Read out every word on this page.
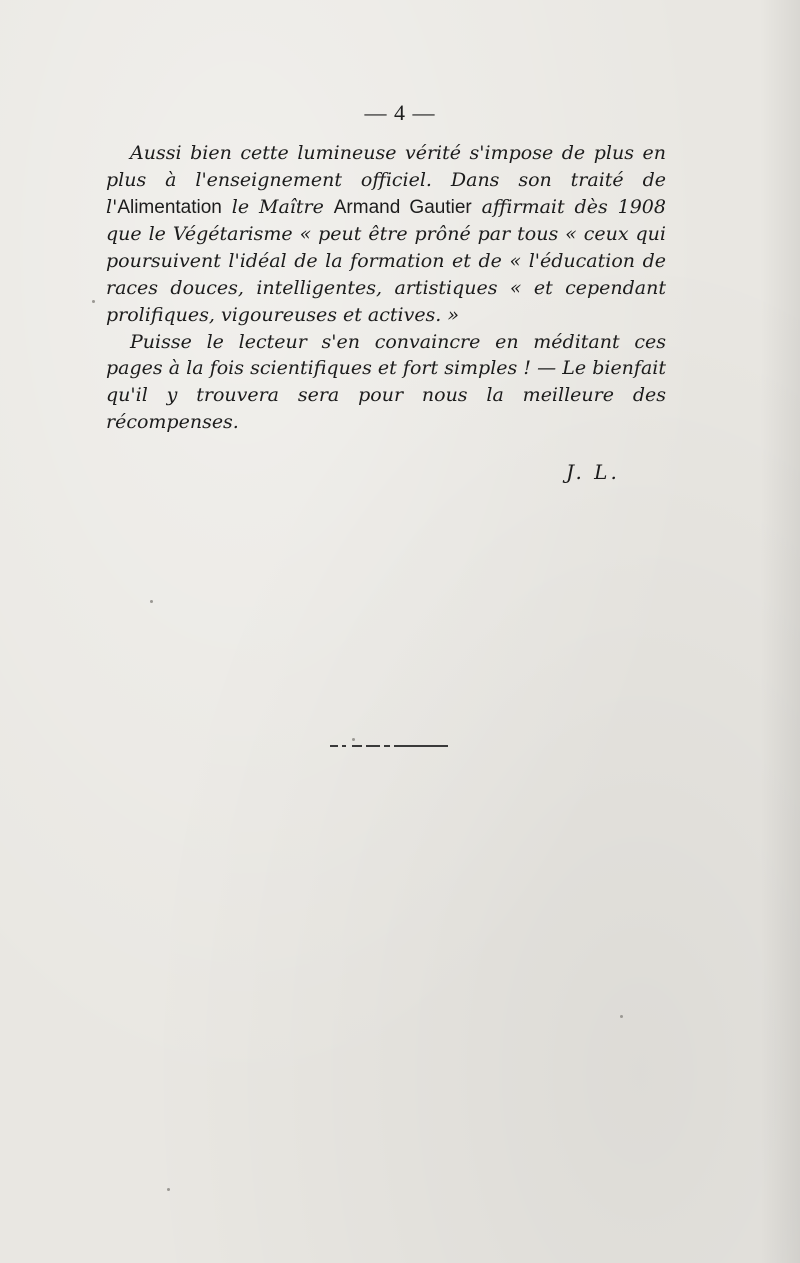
— 4 —

Aussi bien cette lumineuse vérité s'impose de plus en plus à l'enseignement officiel. Dans son traité de l'Alimentation le Maître Armand Gautier affirmait dès 1908 que le Végétarisme « peut être prôné par tous « ceux qui poursuivent l'idéal de la formation et de « l'éducation de races douces, intelligentes, artistiques « et cependant prolifiques, vigoureuses et actives. »

Puisse le lecteur s'en convaincre en méditant ces pages à la fois scientifiques et fort simples ! — Le bienfait qu'il y trouvera sera pour nous la meilleure des récompenses.

J. L.
